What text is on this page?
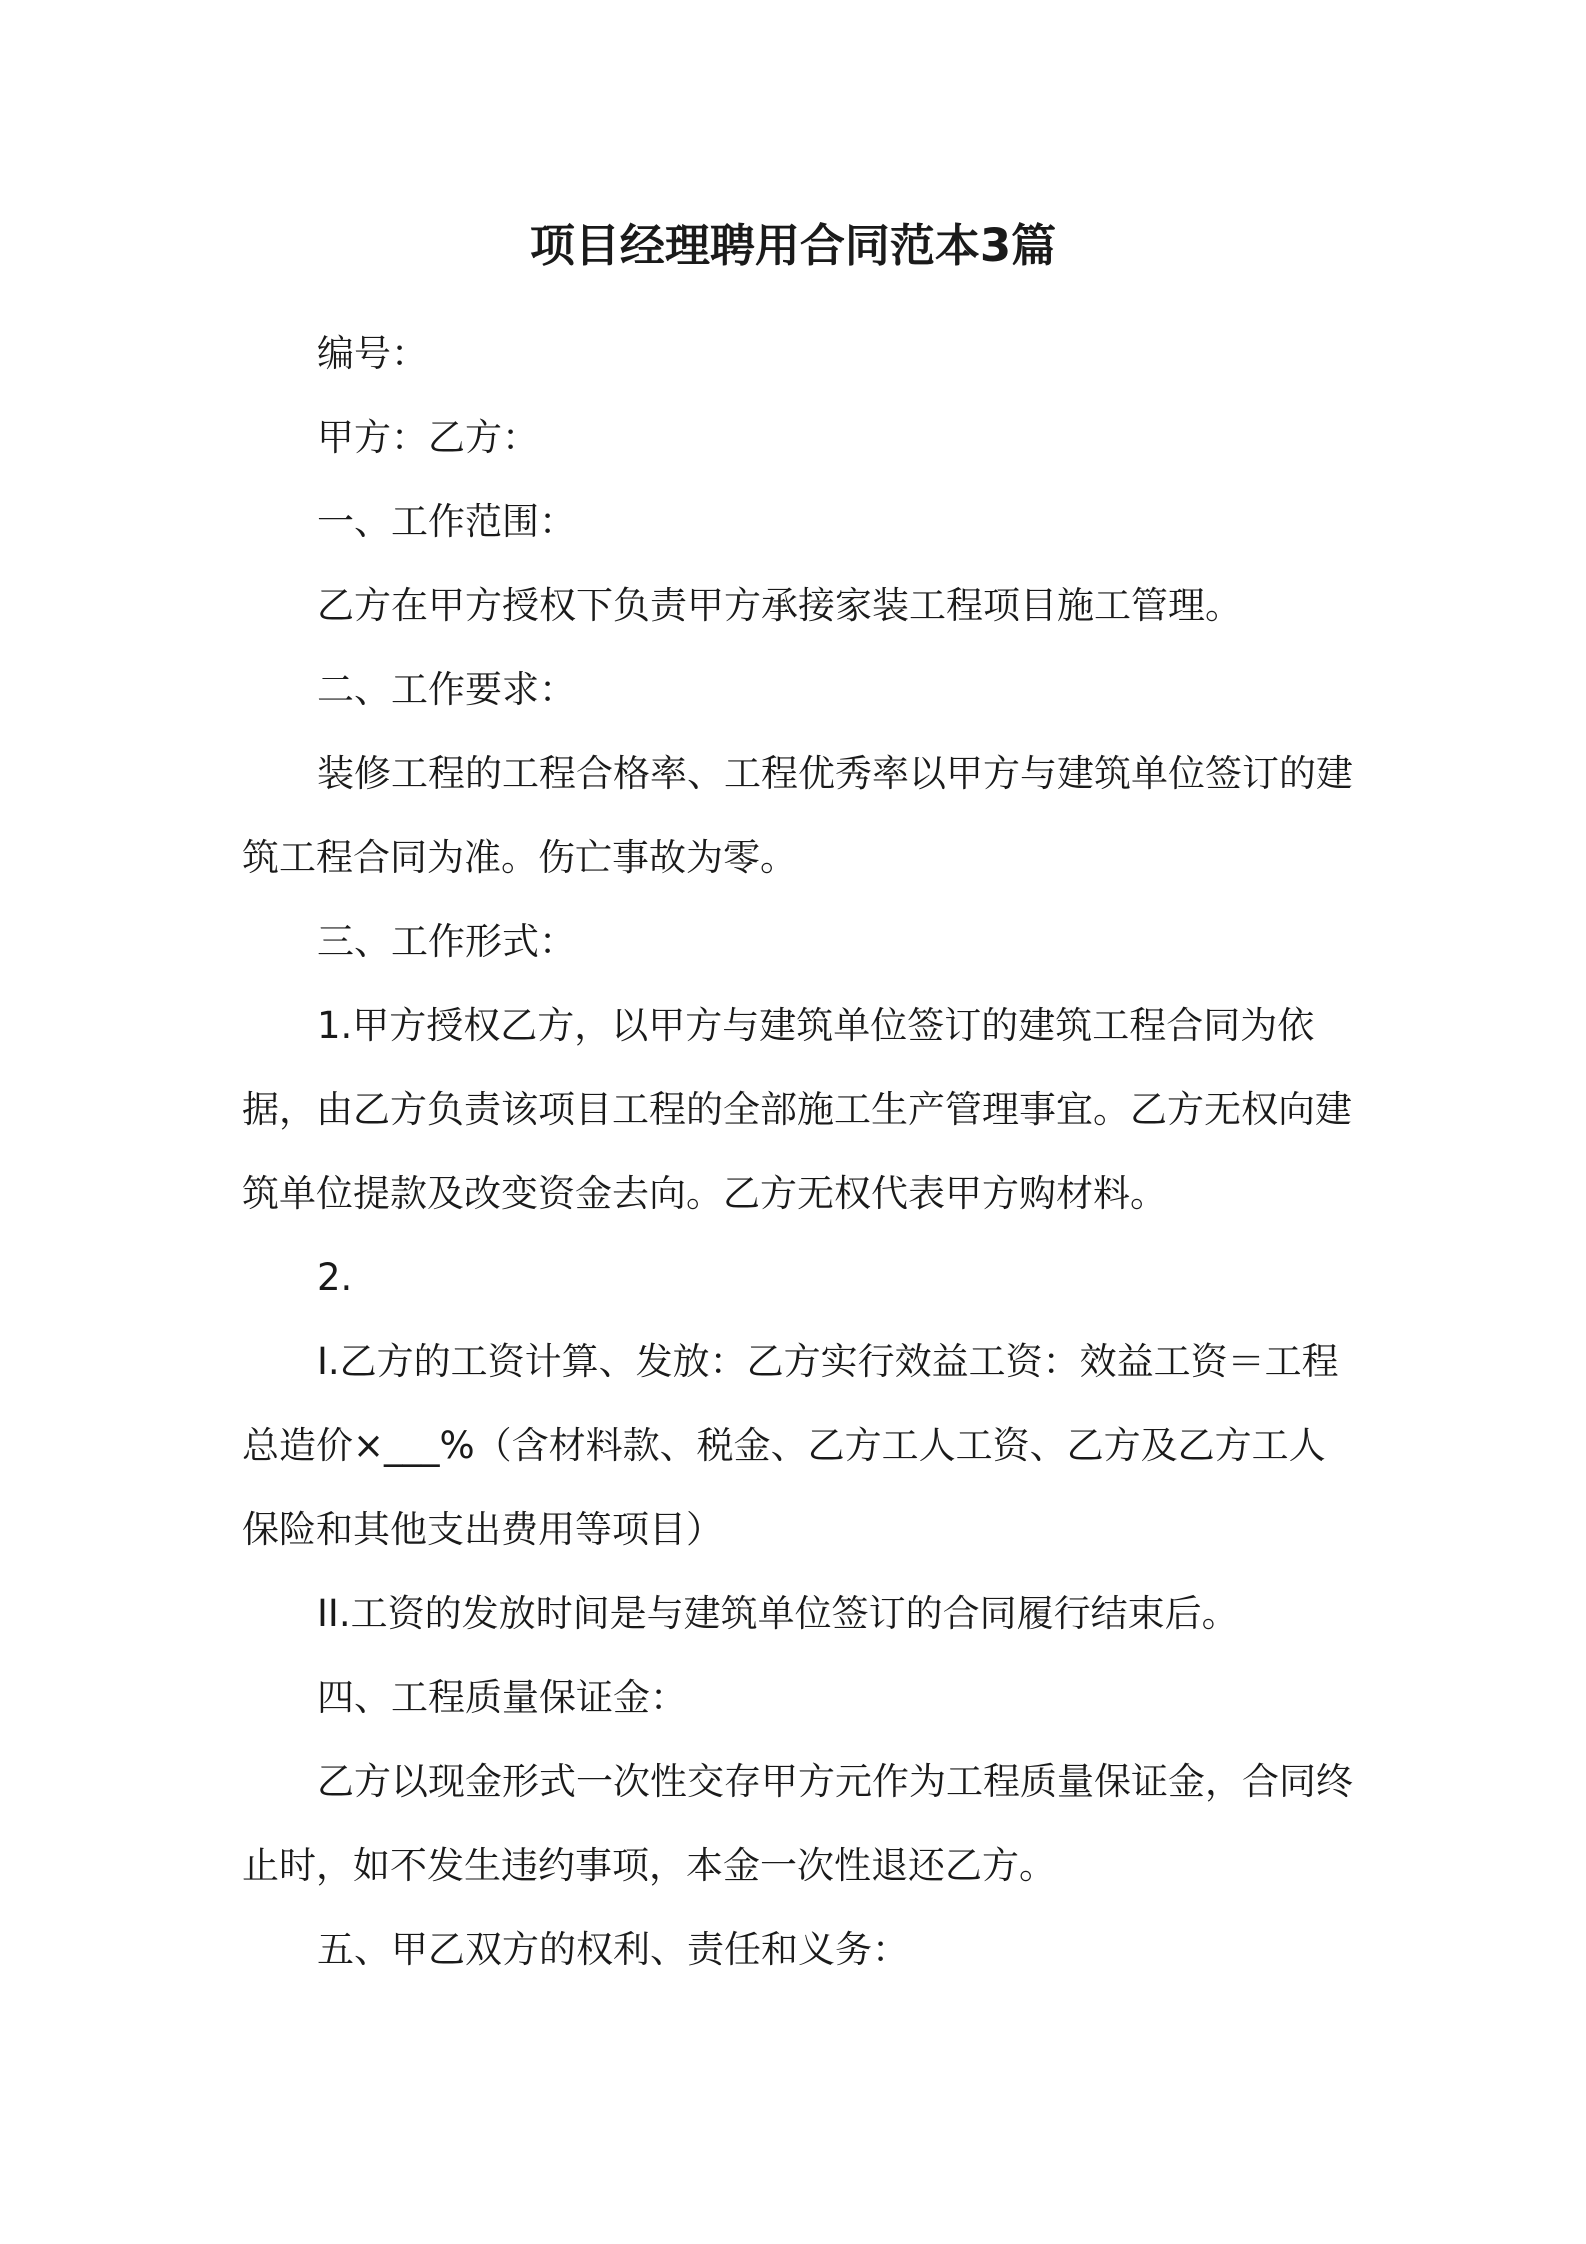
项目经理聘用合同范本3篇

编号：

甲方：乙方：

一、工作范围：

乙方在甲方授权下负责甲方承接家装工程项目施工管理。

二、工作要求：

装修工程的工程合格率、工程优秀率以甲方与建筑单位签订的建筑工程合同为准。伤亡事故为零。

三、工作形式：

1.甲方授权乙方，以甲方与建筑单位签订的建筑工程合同为依据，由乙方负责该项目工程的全部施工生产管理事宜。乙方无权向建筑单位提款及改变资金去向。乙方无权代表甲方购材料。

2.

I.乙方的工资计算、发放：乙方实行效益工资：效益工资＝工程总造价×___%（含材料款、税金、乙方工人工资、乙方及乙方工人保险和其他支出费用等项目）

II.工资的发放时间是与建筑单位签订的合同履行结束后。

四、工程质量保证金：

乙方以现金形式一次性交存甲方元作为工程质量保证金，合同终止时，如不发生违约事项，本金一次性退还乙方。

五、甲乙双方的权利、责任和义务：
